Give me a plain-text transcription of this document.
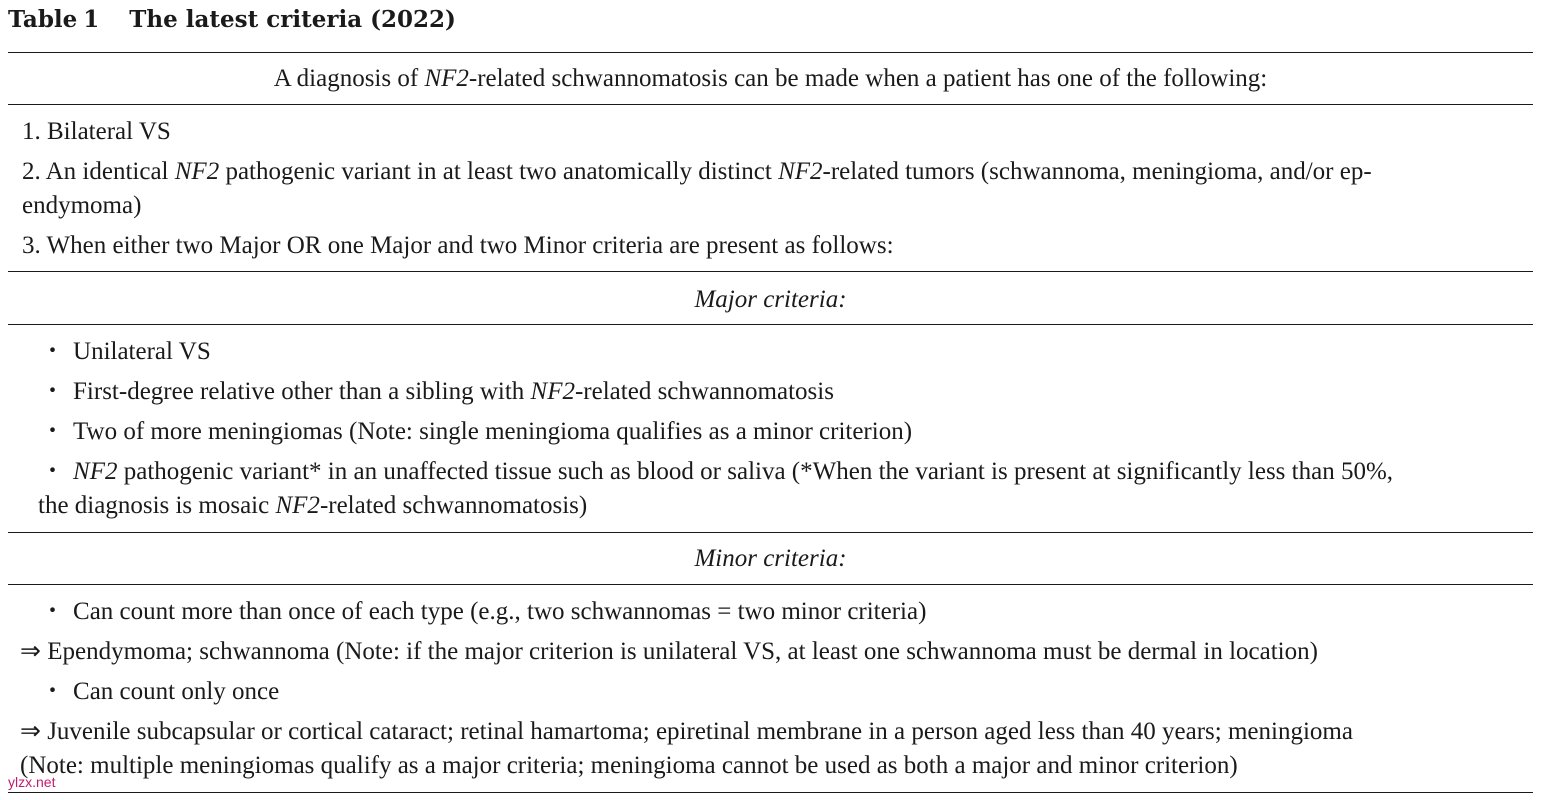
Table 1 The latest criteria (2022)
A diagnosis of NF2-related schwannomatosis can be made when a patient has one of the following:
1. Bilateral VS
2. An identical NF2 pathogenic variant in at least two anatomically distinct NF2-related tumors (schwannoma, meningioma, and/or ep-
endymoma)
3. When either two Major OR one Major and two Minor criteria are present as follows:
Major criteria:
・ Unilateral VS
・ First-degree relative other than a sibling with NF2-related schwannomatosis
・ Two of more meningiomas (Note: single meningioma qualifies as a minor criterion)
・ NF2 pathogenic variant* in an unaffected tissue such as blood or saliva (*When the variant is present at significantly less than 50%,
the diagnosis is mosaic NF2-related schwannomatosis)
Minor criteria:
・ Can count more than once of each type (e.g., two schwannomas = two minor criteria)
⇒ Ependymoma; schwannoma (Note: if the major criterion is unilateral VS, at least one schwannoma must be dermal in location)
・ Can count only once
⇒ Juvenile subcapsular or cortical cataract; retinal hamartoma; epiretinal membrane in a person aged less than 40 years; meningioma
(Note: multiple meningiomas qualify as a major criteria; meningioma cannot be used as both a major and minor criterion)
ylzx.net
